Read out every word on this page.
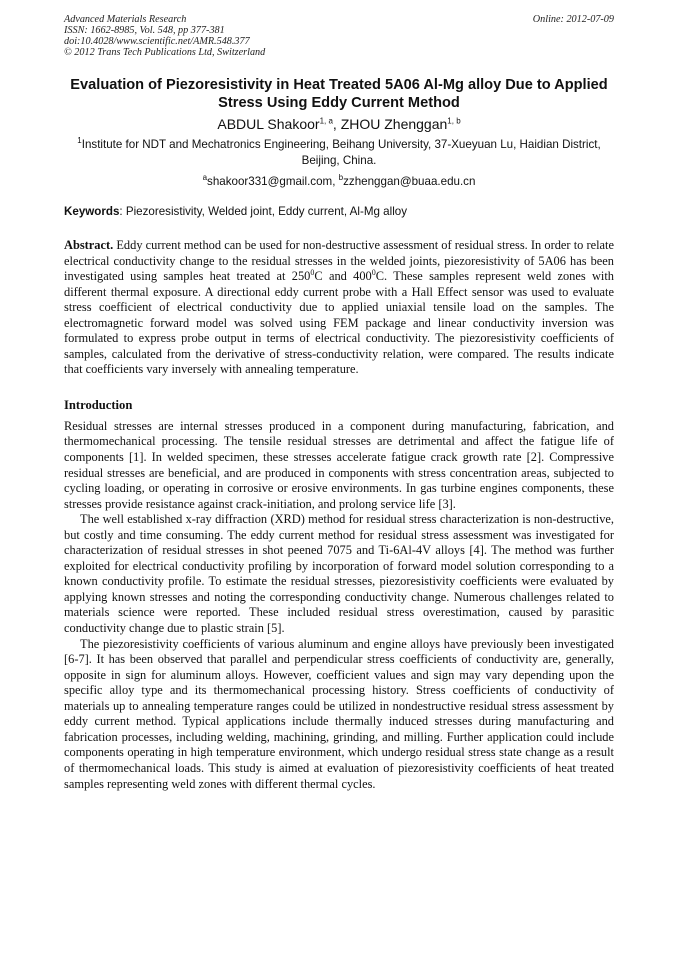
Advanced Materials Research
ISSN: 1662-8985, Vol. 548, pp 377-381
doi:10.4028/www.scientific.net/AMR.548.377
© 2012 Trans Tech Publications Ltd, Switzerland
Online: 2012-07-09
Evaluation of Piezoresistivity in Heat Treated 5A06 Al-Mg alloy Due to Applied Stress Using Eddy Current Method
ABDUL Shakoor$^{1, a}$, ZHOU Zhenggan$^{1, b}$
$^1$Institute for NDT and Mechatronics Engineering, Beihang University, 37-Xueyuan Lu, Haidian District, Beijing, China.
$^a$shakoor331@gmail.com, $^b$zzhenggan@buaa.edu.cn
Keywords: Piezoresistivity, Welded joint, Eddy current, Al-Mg alloy
Abstract. Eddy current method can be used for non-destructive assessment of residual stress. In order to relate electrical conductivity change to the residual stresses in the welded joints, piezoresistivity of 5A06 has been investigated using samples heat treated at $250^0C$ and $400^0C$. These samples represent weld zones with different thermal exposure. A directional eddy current probe with a Hall Effect sensor was used to evaluate stress coefficient of electrical conductivity due to applied uniaxial tensile load on the samples. The electromagnetic forward model was solved using FEM package and linear conductivity inversion was formulated to express probe output in terms of electrical conductivity. The piezoresistivity coefficients of samples, calculated from the derivative of stress-conductivity relation, were compared. The results indicate that coefficients vary inversely with annealing temperature.
Introduction
Residual stresses are internal stresses produced in a component during manufacturing, fabrication, and thermomechanical processing. The tensile residual stresses are detrimental and affect the fatigue life of components [1]. In welded specimen, these stresses accelerate fatigue crack growth rate [2]. Compressive residual stresses are beneficial, and are produced in components with stress concentration areas, subjected to cycling loading, or operating in corrosive or erosive environments. In gas turbine engines components, these stresses provide resistance against crack-initiation, and prolong service life [3].
The well established x-ray diffraction (XRD) method for residual stress characterization is non-destructive, but costly and time consuming. The eddy current method for residual stress assessment was investigated for characterization of residual stresses in shot peened 7075 and Ti-6Al-4V alloys [4]. The method was further exploited for electrical conductivity profiling by incorporation of forward model solution corresponding to a known conductivity profile. To estimate the residual stresses, piezoresistivity coefficients were evaluated by applying known stresses and noting the corresponding conductivity change. Numerous challenges related to materials science were reported. These included residual stress overestimation, caused by parasitic conductivity change due to plastic strain [5].
The piezoresistivity coefficients of various aluminum and engine alloys have previously been investigated [6-7]. It has been observed that parallel and perpendicular stress coefficients of conductivity are, generally, opposite in sign for aluminum alloys. However, coefficient values and sign may vary depending upon the specific alloy type and its thermomechanical processing history. Stress coefficients of conductivity of materials up to annealing temperature ranges could be utilized in nondestructive residual stress assessment by eddy current method. Typical applications include thermally induced stresses during manufacturing and fabrication processes, including welding, machining, grinding, and milling. Further application could include components operating in high temperature environment, which undergo residual stress state change as a result of thermomechanical loads. This study is aimed at evaluation of piezoresistivity coefficients of heat treated samples representing weld zones with different thermal cycles.
